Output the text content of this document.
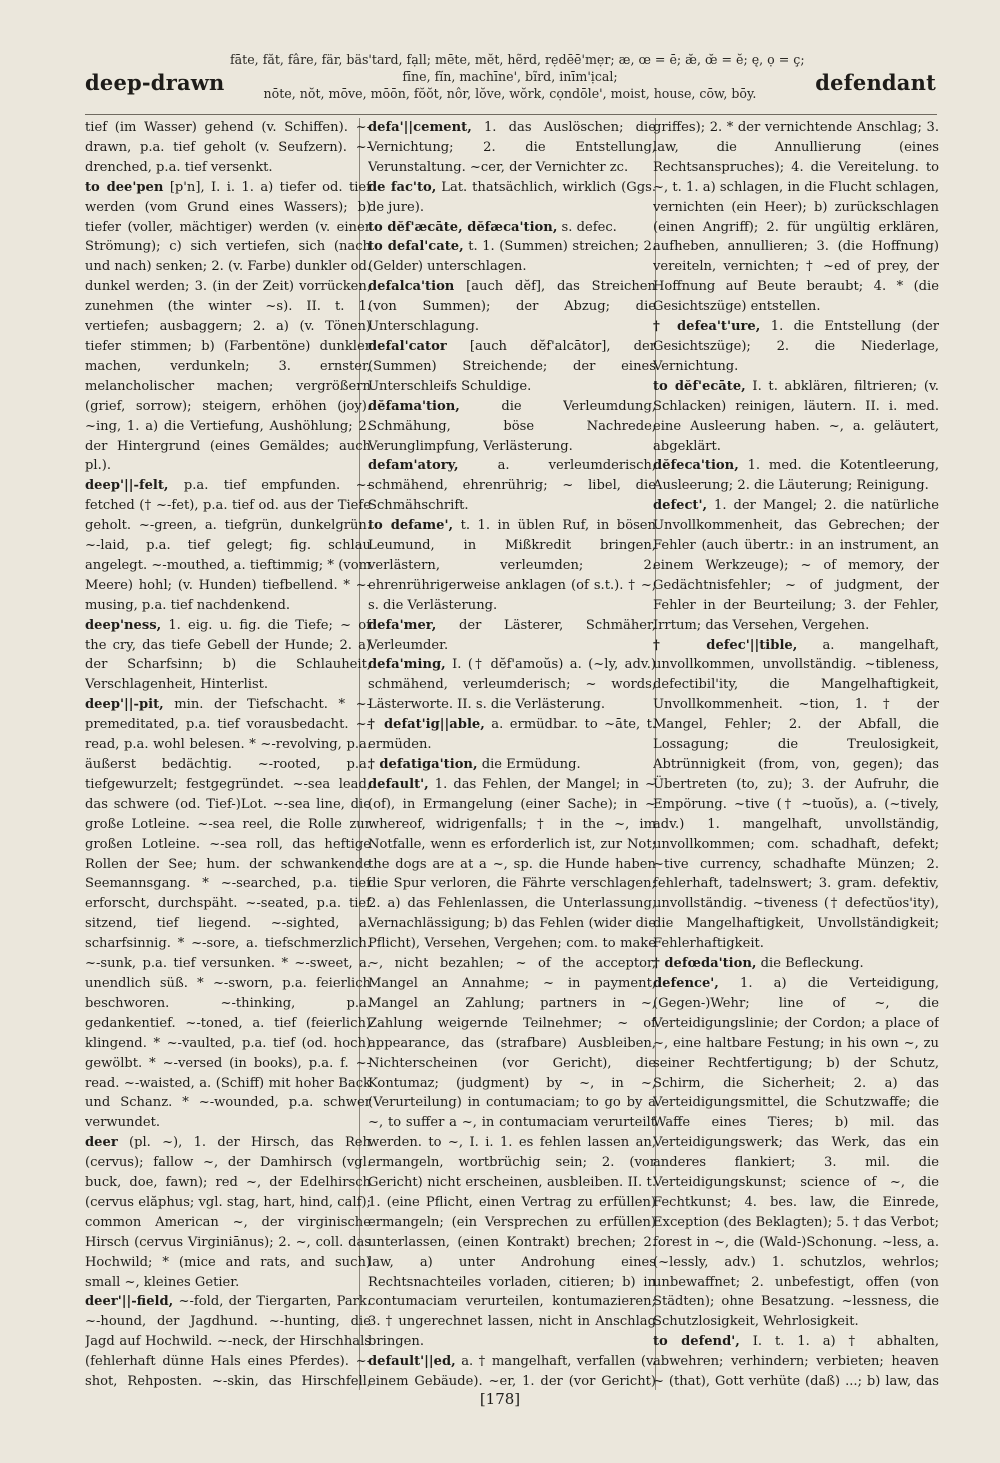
deep-drawn
fāte, făt, fâre, fär, bäs'tard, fạll; mēte, mĕt, hẽrd, rẹdēē'mẹr; æ, œ = ē; æ̆, œ̆ = ĕ; ę, ọ = ç;
fīne, fĭn, machīne', bĩrd, inīm'ịcal;
nōte, nŏt, mōve, mōōn, fŏŏt, nôr, lŏve, wŏrk, cọndōle', moist, house, cōw, bōy.	defendant

tief (im Wasser) gehend (v. Schiffen). ~-drawn, p.a. tief geholt (v. Seufzern). ~-drenched, p.a. tief versenkt.

to dee'pen [p'n], I. i. 1. a) tiefer od. tief werden (vom Grund eines Wassers); b) tiefer (voller, mächtiger) werden (v. einer Strömung); c) sich vertiefen, sich (nach und nach) senken; 2. (v. Farbe) dunkler od. dunkel werden; 3. (in der Zeit) vorrücken, zunehmen (the winter ~s). II. t. 1. vertiefen; ausbaggern; 2. a) (v. Tönen) tiefer stimmen; b) (Farbentöne) dunkler machen, verdunkeln; 3. ernster, melancholischer machen; vergrößern (grief, sorrow); steigern, erhöhen (joy). ~ing, 1. a) die Vertiefung, Aushöhlung; 2. der Hintergrund (eines Gemäldes; auch pl.).

deep'||-felt, p.a. tief empfunden. ~-fetched († ~-fet), p.a. tief od. aus der Tiefe geholt. ~-green, a. tiefgrün, dunkelgrün. ~-laid, p.a. tief gelegt; fig. schlau angelegt. ~-mouthed, a. tieftimmig; * (vom Meere) hohl; (v. Hunden) tiefbellend. * ~-musing, p.a. tief nachdenkend.

deep'ness, 1. eig. u. fig. die Tiefe; ~ of the cry, das tiefe Gebell der Hunde; 2. a) der Scharfsinn; b) die Schlauheit, Verschlagenheit, Hinterlist.

deep'||-pit, min. der Tiefschacht. * ~-premeditated, p.a. tief vorausbedacht. ~-read, p.a. wohl belesen. * ~-revolving, p.a. äußerst bedächtig. ~-rooted, p.a. tiefgewurzelt; festgegründet. ~-sea lead, das schwere (od. Tief-)Lot. ~-sea line, die große Lotleine. ~-sea reel, die Rolle zur großen Lotleine. ~-sea roll, das heftige Rollen der See; hum. der schwankende Seemannsgang. * ~-searched, p.a. tief erforscht, durchspäht. ~-seated, p.a. tief sitzend, tief liegend. ~-sighted, a. scharfsinnig. * ~-sore, a. tiefschmerzlich. ~-sunk, p.a. tief versunken. * ~-sweet, a. unendlich süß. * ~-sworn, p.a. feierlich beschworen. ~-thinking, p.a. gedankentief. ~-toned, a. tief (feierlich) klingend. * ~-vaulted, p.a. tief (od. hoch) gewölbt. * ~-versed (in books), p.a. f. ~-read. ~-waisted, a. (Schiff) mit hoher Back und Schanz. * ~-wounded, p.a. schwer verwundet.

deer (pl. ~), 1. der Hirsch, das Reh (cervus); fallow ~, der Damhirsch (vgl. buck, doe, fawn); red ~, der Edelhirsch (cervus elăphus; vgl. stag, hart, hind, calf); common American ~, der virginische Hirsch (cervus Virginiānus); 2. ~, coll. das Hochwild; * (mice and rats, and such) small ~, kleines Getier.

deer'||-field, ~-fold, der Tiergarten, Park. ~-hound, der Jagdhund. ~-hunting, die Jagd auf Hochwild. ~-neck, der Hirschhals (fehlerhaft dünne Hals eines Pferdes). ~-shot, Rehposten. ~-skin, das Hirschfell,

defa'||cement, 1. das Auslöschen; die Vernichtung; 2. die Entstellung, Verunstaltung. ~cer, der Vernichter zc.

de fac'to, Lat. thatsächlich, wirklich (Ggs. de jure).

to dĕf'æcāte, dĕfæca'tion, s. defec.

to defal'cate, t. 1. (Summen) streichen; 2. (Gelder) unterschlagen.

defalca'tion [auch dĕf], das Streichen (von Summen); der Abzug; die Unterschlagung.

defal'cator [auch dĕf'alcātor], der (Summen) Streichende; der eines Unterschleifs Schuldige.

dĕfama'tion,	die Verleumdung, Schmähung, böse Nachrede, Verunglimpfung, Verlästerung.

defam'atory,	a. verleumderisch, schmähend, ehrenrührig; ~ libel, die Schmähschrift.

to defame', t. 1. in üblen Ruf, in bösen Leumund, in Mißkredit bringen, verlästern, verleumden; 2. ehrenrührigerweise anklagen (of s.t.). † ~, s. die Verlästerung.

defa'mer, der Lästerer, Schmäher, Verleumder.

defa'ming, I. († dĕf'amoŭs) a. (~ly, adv.) schmähend, verleumderisch; ~ words, Lästerworte. II. s. die Verlästerung.

† defat'ig||able, a. ermüdbar. to ~āte, t. ermüden.

† defatiga'tion, die Ermüdung.

default', 1. das Fehlen, der Mangel; in ~ (of), in Ermangelung (einer Sache); in ~ whereof, widrigenfalls; † in the ~, im Notfalle, wenn es erforderlich ist, zur Not; the dogs are at a ~, sp. die Hunde haben die Spur verloren, die Fährte verschlagen; 2. a) das Fehlenlassen, die Unterlassung, Vernachlässigung; b) das Fehlen (wider die Pflicht), Versehen, Vergehen; com. to make ~, nicht bezahlen; ~ of the acceptor, Mangel an Annahme; ~ in payment, Mangel an Zahlung; partners in ~, Zahlung weigernde Teilnehmer; ~ of appearance, das (strafbare) Ausbleiben, Nichterscheinen (vor Gericht), die Kontumaz; (judgment) by ~, in ~, (Verurteilung) in contumaciam; to go by a ~, to suffer a ~, in contumaciam verurteilt werden. to ~, I. i. 1. es fehlen lassen an, ermangeln, wortbrüchig sein; 2. (vor Gericht) nicht erscheinen, ausbleiben. II. t. 1. (eine Pflicht, einen Vertrag zu erfüllen) ermangeln; (ein Versprechen zu erfüllen) unterlassen, (einen Kontrakt) brechen; 2. law, a) unter Androhung eines Rechtsnachteiles vorladen, citieren; b) in contumaciam verurteilen, kontumazieren; 3. † ungerechnet lassen, nicht in Anschlag bringen.

default'||ed, a. † mangelhaft, verfallen (v. einem Gebäude). ~er, 1. der (vor Gericht)

griffes); 2. * der vernichtende Anschlag; 3. law, die Annullierung (eines Rechtsanspruches); 4. die Vereitelung. to ~, t. 1. a) schlagen, in die Flucht schlagen, vernichten (ein Heer); b) zurückschlagen (einen Angriff); 2. für ungültig erklären, aufheben, annullieren; 3. (die Hoffnung) vereiteln, vernichten; † ~ed of prey, der Hoffnung auf Beute beraubt; 4. * (die Gesichtszüge) entstellen.

† defea't'ure, 1. die Entstellung (der Gesichtszüge); 2. die Niederlage, Vernichtung.

to dĕf'ecāte, I. t. abklären, filtrieren; (v. Schlacken) reinigen, läutern. II. i. med. eine Ausleerung haben. ~, a. geläutert, abgeklärt.

dĕfeca'tion, 1. med. die Kotentleerung, Ausleerung; 2. die Läuterung; Reinigung.

defect', 1. der Mangel; 2. die natürliche Unvollkommenheit, das Gebrechen; der Fehler (auch übertr.: in an instrument, an einem Werkzeuge); ~ of memory, der Gedächtnisfehler; ~ of judgment, der Fehler in der Beurteilung; 3. der Fehler, Irrtum; das Versehen, Vergehen.

† defec'||tible, a. mangelhaft, unvollkommen, unvollständig. ~tibleness, defectibil'ity, die Mangelhaftigkeit, Unvollkommenheit. ~tion, 1. † der Mangel, Fehler; 2. der Abfall, die Lossagung; die Treulosigkeit, Abtrünnigkeit (from, von, gegen); das Übertreten (to, zu); 3. der Aufruhr, die Empörung. ~tive († ~tuoŭs), a. (~tively, adv.) 1. mangelhaft, unvollständig, unvollkommen; com. schadhaft, defekt; ~tive currency, schadhafte Münzen; 2. fehlerhaft, tadelnswert; 3. gram. defektiv, unvollständig. ~tiveness († defectŭos'ity), die Mangelhaftigkeit, Unvollständigkeit; Fehlerhaftigkeit.

† defœda'tion, die Befleckung.

defence', 1. a) die Verteidigung, (Gegen-)Wehr; line of ~, die Verteidigungslinie; der Cordon; a place of ~, eine haltbare Festung; in his own ~, zu seiner Rechtfertigung; b) der Schutz, Schirm, die Sicherheit; 2. a) das Verteidigungsmittel, die Schutzwaffe; die Waffe eines Tieres; b) mil. das Verteidigungswerk; das Werk, das ein anderes flankiert; 3. mil. die Verteidigungskunst; science of ~, die Fechtkunst; 4. bes. law, die Einrede, Exception (des Beklagten); 5. † das Verbot; forest in ~, die (Wald-)Schonung. ~less, a. (~lessly, adv.) 1. schutzlos, wehrlos; unbewaffnet; 2. unbefestigt, offen (von Städten); ohne Besatzung. ~lessness, die Schutzlosigkeit, Wehrlosigkeit.

to defend', I. t. 1. a) † abhalten, abwehren; verhindern; verbieten; heaven ~ (that), Gott verhüte (daß) ...; b) law, das

[178]
